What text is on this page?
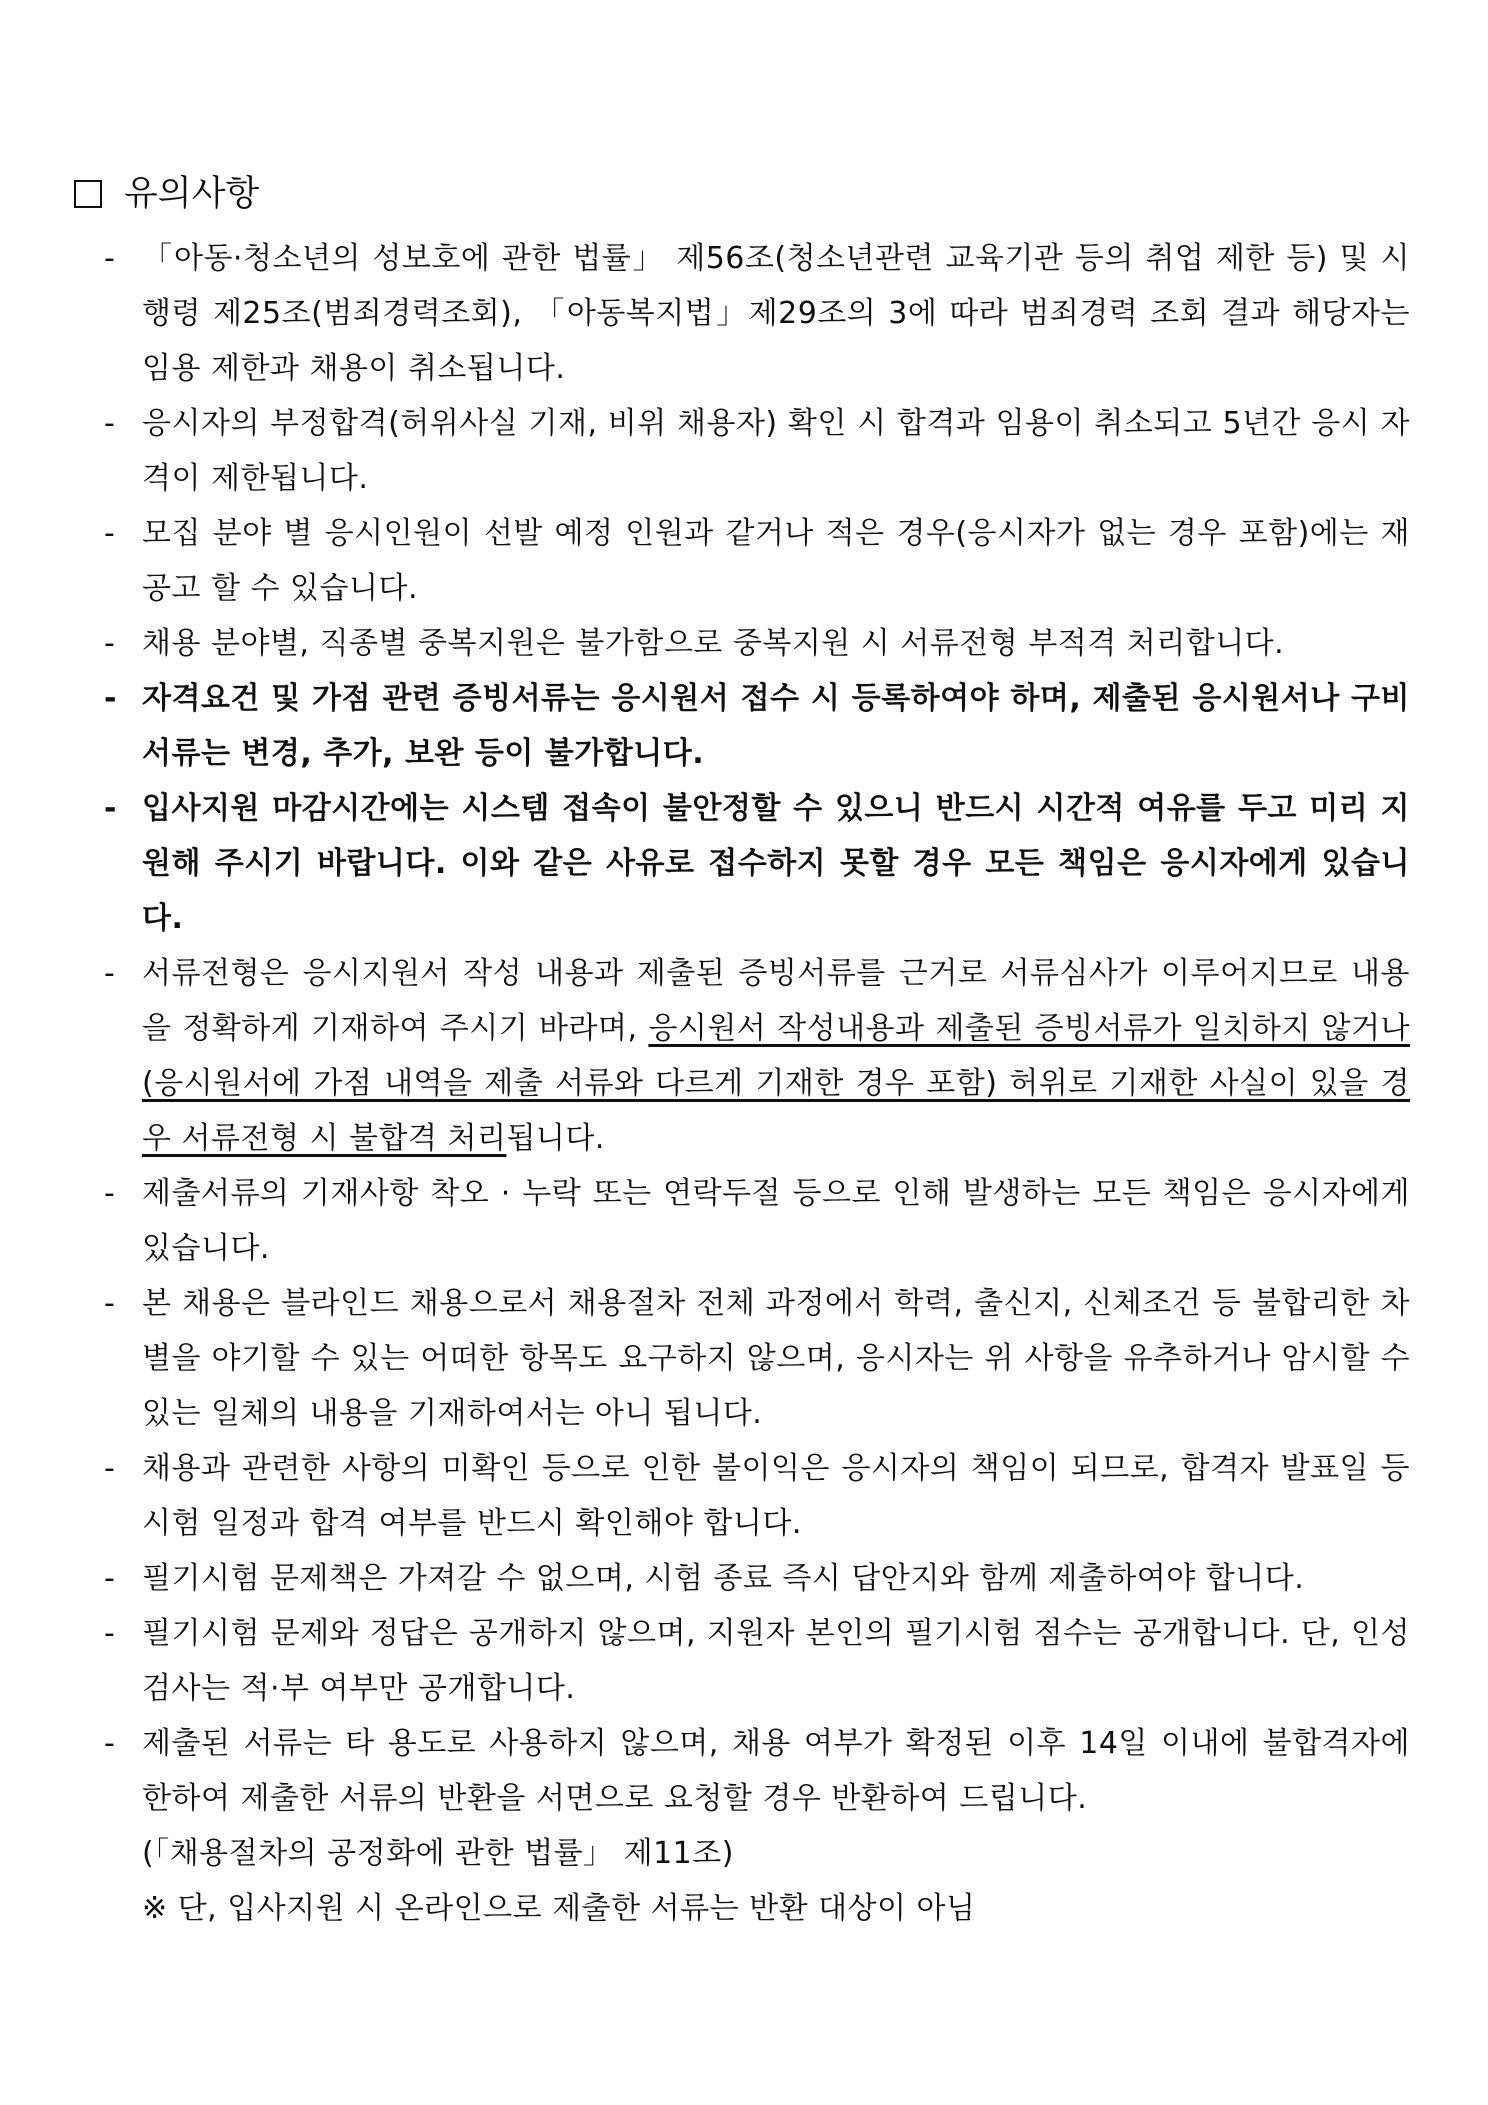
유의사항
- 「아동·청소년의 성보호에 관한 법률」 제56조(청소년관련 교육기관 등의 취업 제한 등) 및 시행령 제25조(범죄경력조회), 「아동복지법」제29조의 3에 따라 범죄경력 조회 결과 해당자는 임용 제한과 채용이 취소됩니다.
- 응시자의 부정합격(허위사실 기재, 비위 채용자) 확인 시 합격과 임용이 취소되고 5년간 응시 자격이 제한됩니다.
- 모집 분야 별 응시인원이 선발 예정 인원과 같거나 적은 경우(응시자가 없는 경우 포함)에는 재공고 할 수 있습니다.
- 채용 분야별, 직종별 중복지원은 불가함으로 중복지원 시 서류전형 부적격 처리합니다.
- 자격요건 및 가점 관련 증빙서류는 응시원서 접수 시 등록하여야 하며, 제출된 응시원서나 구비서류는 변경, 추가, 보완 등이 불가합니다.
- 입사지원 마감시간에는 시스템 접속이 불안정할 수 있으니 반드시 시간적 여유를 두고 미리 지원해 주시기 바랍니다. 이와 같은 사유로 접수하지 못할 경우 모든 책임은 응시자에게 있습니다.
- 서류전형은 응시지원서 작성 내용과 제출된 증빙서류를 근거로 서류심사가 이루어지므로 내용을 정확하게 기재하여 주시기 바라며, 응시원서 작성내용과 제출된 증빙서류가 일치하지 않거나(응시원서에 가점 내역을 제출 서류와 다르게 기재한 경우 포함) 허위로 기재한 사실이 있을 경우 서류전형 시 불합격 처리됩니다.
- 제출서류의 기재사항 착오 · 누락 또는 연락두절 등으로 인해 발생하는 모든 책임은 응시자에게 있습니다.
- 본 채용은 블라인드 채용으로서 채용절차 전체 과정에서 학력, 출신지, 신체조건 등 불합리한 차별을 야기할 수 있는 어떠한 항목도 요구하지 않으며, 응시자는 위 사항을 유추하거나 암시할 수 있는 일체의 내용을 기재하여서는 아니 됩니다.
- 채용과 관련한 사항의 미확인 등으로 인한 불이익은 응시자의 책임이 되므로, 합격자 발표일 등 시험 일정과 합격 여부를 반드시 확인해야 합니다.
- 필기시험 문제책은 가져갈 수 없으며, 시험 종료 즉시 답안지와 함께 제출하여야 합니다.
- 필기시험 문제와 정답은 공개하지 않으며, 지원자 본인의 필기시험 점수는 공개합니다. 단, 인성검사는 적·부 여부만 공개합니다.
- 제출된 서류는 타 용도로 사용하지 않으며, 채용 여부가 확정된 이후 14일 이내에 불합격자에 한하여 제출한 서류의 반환을 서면으로 요청할 경우 반환하여 드립니다.
(「채용절차의 공정화에 관한 법률」 제11조)
※ 단, 입사지원 시 온라인으로 제출한 서류는 반환 대상이 아님
